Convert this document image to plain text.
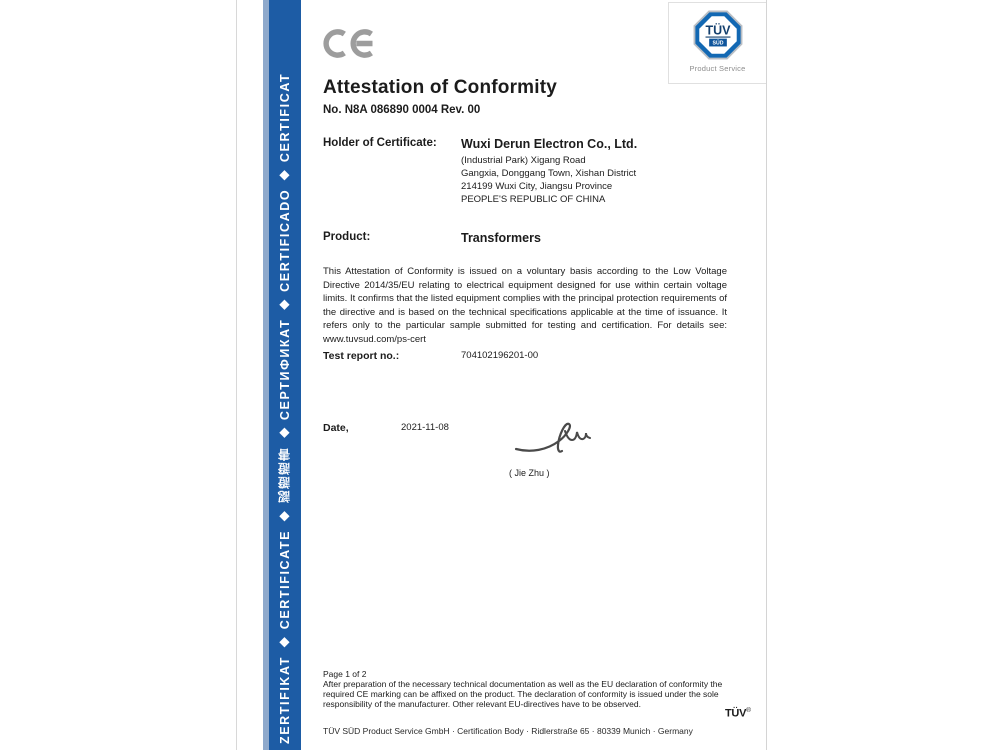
ZERTIFIKAT ◆ CERTIFICATE ◆ 認證證書 ◆ СЕРТИФИКАТ ◆ CERTIFICADO ◆ CERTIFICAT
TÜV
SÜD
Product Service
Attestation of Conformity
No. N8A 086890 0004 Rev. 00
Holder of Certificate:	Wuxi Derun Electron Co., Ltd.
(Industrial Park) Xigang Road
Gangxia, Donggang Town, Xishan District
214199 Wuxi City, Jiangsu Province
PEOPLE'S REPUBLIC OF CHINA
Product:	Transformers
This Attestation of Conformity is issued on a voluntary basis according to the Low Voltage Directive 2014/35/EU relating to electrical equipment designed for use within certain voltage limits. It confirms that the listed equipment complies with the principal protection requirements of the directive and is based on the technical specifications applicable at the time of issuance. It refers only to the particular sample submitted for testing and certification. For details see: www.tuvsud.com/ps-cert
Test report no.:	704102196201-00
Date,	2021-11-08
( Jie Zhu )
Page 1 of 2
After preparation of the necessary technical documentation as well as the EU declaration of conformity the required CE marking can be affixed on the product. The declaration of conformity is issued under the sole responsibility of the manufacturer. Other relevant EU-directives have to be observed.
TÜV®
TÜV SÜD Product Service GmbH · Certification Body · Ridlerstraße 65 · 80339 Munich · Germany
